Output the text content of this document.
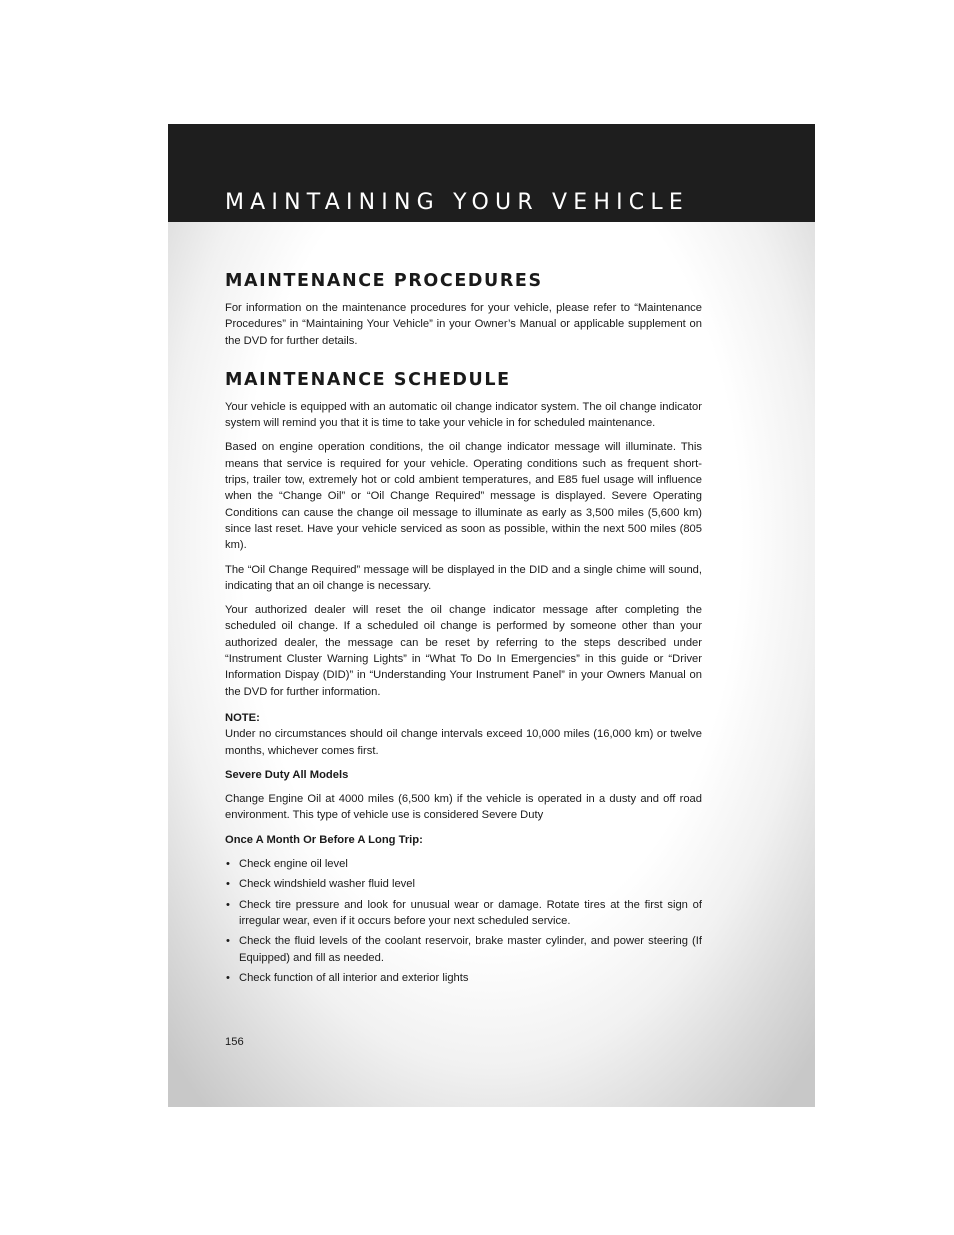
MAINTAINING YOUR VEHICLE
MAINTENANCE PROCEDURES

For information on the maintenance procedures for your vehicle, please refer to “Maintenance Procedures” in “Maintaining Your Vehicle” in your Owner’s Manual or applicable supplement on the DVD for further details.

MAINTENANCE SCHEDULE

Your vehicle is equipped with an automatic oil change indicator system. The oil change indicator system will remind you that it is time to take your vehicle in for scheduled maintenance.

Based on engine operation conditions, the oil change indicator message will illuminate. This means that service is required for your vehicle. Operating conditions such as frequent short-trips, trailer tow, extremely hot or cold ambient temperatures, and E85 fuel usage will influence when the “Change Oil” or “Oil Change Required” message is displayed. Severe Operating Conditions can cause the change oil message to illuminate as early as 3,500 miles (5,600 km) since last reset. Have your vehicle serviced as soon as possible, within the next 500 miles (805 km).

The “Oil Change Required” message will be displayed in the DID and a single chime will sound, indicating that an oil change is necessary.

Your authorized dealer will reset the oil change indicator message after completing the scheduled oil change. If a scheduled oil change is performed by someone other than your authorized dealer, the message can be reset by referring to the steps described under “Instrument Cluster Warning Lights” in “What To Do In Emergencies” in this guide or “Driver Information Dispay (DID)” in “Understanding Your Instrument Panel” in your Owners Manual on the DVD for further information.

NOTE:

Under no circumstances should oil change intervals exceed 10,000 miles (16,000 km) or twelve months, whichever comes first.

Severe Duty All Models

Change Engine Oil at 4000 miles (6,500 km) if the vehicle is operated in a dusty and off road environment. This type of vehicle use is considered Severe Duty

Once A Month Or Before A Long Trip:
• Check engine oil level
• Check windshield washer fluid level
• Check tire pressure and look for unusual wear or damage. Rotate tires at the first sign of irregular wear, even if it occurs before your next scheduled service.
• Check the fluid levels of the coolant reservoir, brake master cylinder, and power steering (If Equipped) and fill as needed.
• Check function of all interior and exterior lights
156
